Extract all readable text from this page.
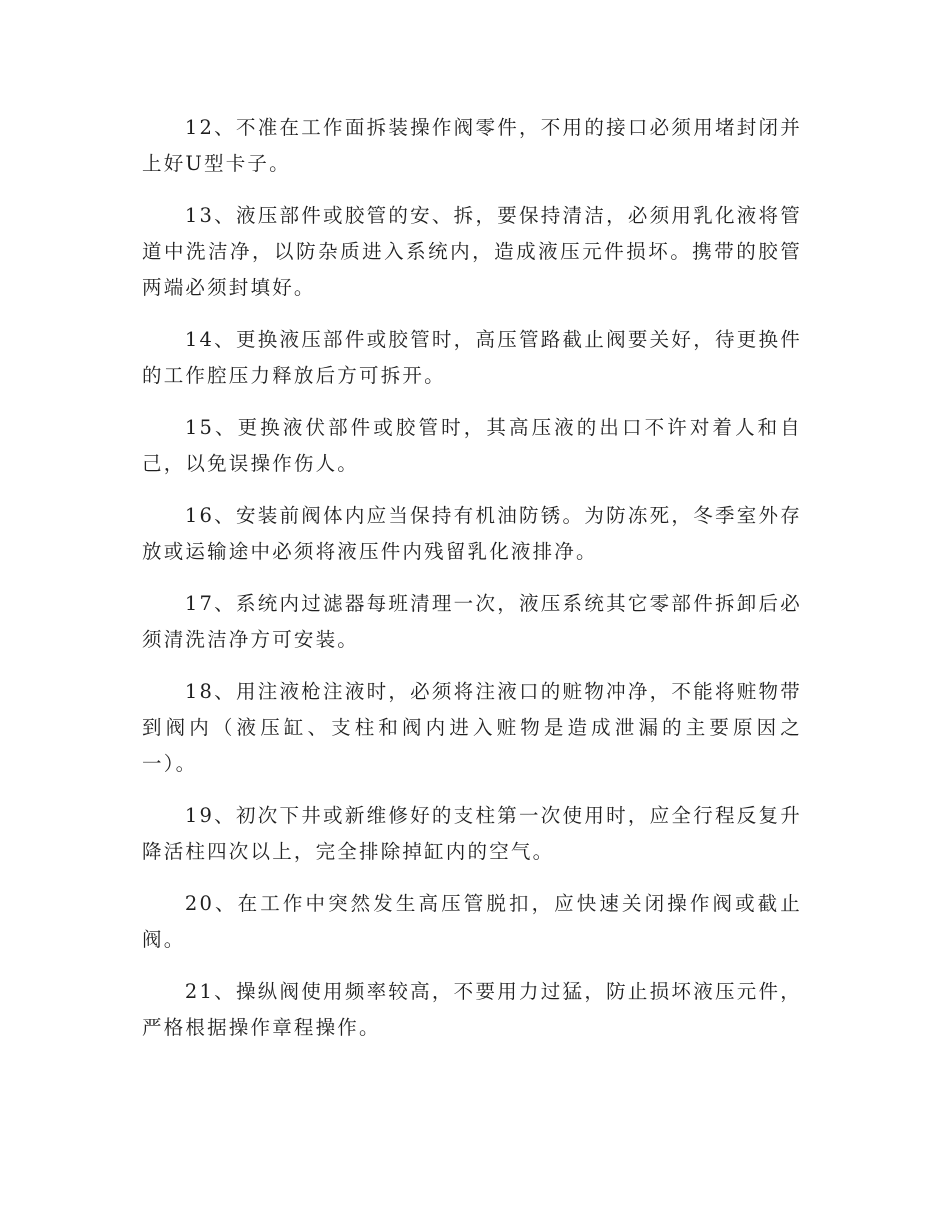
12、不准在工作面拆装操作阀零件，不用的接口必须用堵封闭并上好U型卡子。

13、液压部件或胶管的安、拆，要保持清洁，必须用乳化液将管道中洗洁净，以防杂质进入系统内，造成液压元件损坏。携带的胶管两端必须封填好。

14、更换液压部件或胶管时，高压管路截止阀要关好，待更换件的工作腔压力释放后方可拆开。

15、更换液伏部件或胶管时，其高压液的出口不许对着人和自己，以免误操作伤人。

16、安装前阀体内应当保持有机油防锈。为防冻死，冬季室外存放或运输途中必须将液压件内残留乳化液排净。

17、系统内过滤器每班清理一次，液压系统其它零部件拆卸后必须清洗洁净方可安装。

18、用注液枪注液时，必须将注液口的赃物冲净，不能将赃物带到阀内（液压缸、支柱和阀内进入赃物是造成泄漏的主要原因之一）。

19、初次下井或新维修好的支柱第一次使用时，应全行程反复升降活柱四次以上，完全排除掉缸内的空气。

20、在工作中突然发生高压管脱扣，应快速关闭操作阀或截止阀。

21、操纵阀使用频率较高，不要用力过猛，防止损坏液压元件，严格根据操作章程操作。
